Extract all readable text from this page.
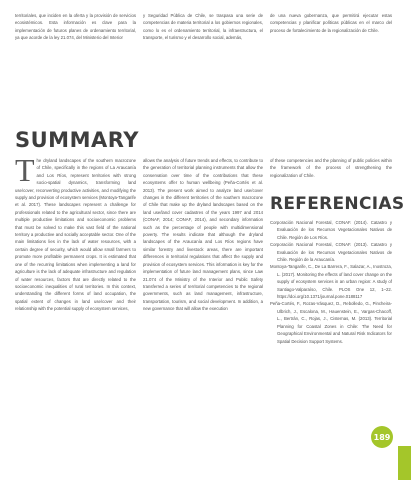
territoriales, que inciden en la oferta y la provisión de servicios ecosistémicos. Esta información es clave para la implementación de futuros planes de ordenamiento territorial, ya que acorde de la ley 21.074, del Ministerio del Interior

y Seguridad Pública de Chile, se traspasa una serie de competencias de materia territorial a los gobiernos regionales, como lo es el ordenamiento territorial, la infraestructura, el transporte, el turismo y el desarrollo social, además,

de una nueva gobernanza, que permitirá ejecutar estas competencias y planificar políticas públicas en el marco del proceso de fortalecimiento de la regionalización de Chile.

SUMMARY

The dryland landscapes of the southern macrozone of Chile, specifically in the regions of La Araucanía and Los Ríos, represent territories with strong socio-spatial dynamics, transforming land use/cover, reconverting productive activities, and modifying the supply and provision of ecosystem services (Montoya-Tangarife et al. 2017). These landscapes represent a challenge for professionals related to the agricultural sector, since there are multiple productive limitations and socioeconomic problems that must be solved to make this vast field of the national territory a productive and socially acceptable sector. One of the main limitations lies in the lack of water resources, with a certain degree of security, which would allow small farmers to promote more profitable permanent crops. It is estimated that one of the recurring limitations when implementing a land for agriculture is the lack of adequate infrastructure and regulation of water resources, factors that are directly related to the socioeconomic inequalities of rural territories. In this context, understanding the different forms of land occupation, the spatial extent of changes in land use/cover and their relationship with the potential supply of ecosystem services,

allows the analysis of future trends and effects, to contribute to the generation of territorial planning instruments that allow the conservation over time of the contributions that these ecosystems offer to human wellbeing (Peña-Cortés et al. 2013). The present work aimed to analyze land use/cover changes in the different territories of the southern macrozone of Chile that make up the dryland landscapes based on the land use/land cover cadastres of the years 1997 and 2014 (CONAF, 2014; CONAF, 2014), and secondary information such as the percentage of people with multidimensional poverty. The results indicate that although the dryland landscapes of the Araucanía and Los Ríos regions have similar forestry and livestock areas, there are important differences in territorial regulations that affect the supply and provision of ecosystem services. This information is key for the implementation of future land management plans, since Law 21.074 of the Ministry of the Interior and Public Safety transferred a series of territorial competencies to the regional governments, such as land management, infrastructure, transportation, tourism, and social development. In addition, a new governance that will allow the execution

of these competencies and the planning of public policies within the framework of the process of strengthening the regionalization of Chile.

REFERENCIAS

Corporación Nacional Forestal, CONAF. (2014). Catastro y Evaluación de los Recursos Vegetacionales Nativos de Chile. Región de Los Ríos.

Corporación Nacional Forestal, CONAF. (2013). Catastro y Evaluación de los Recursos Vegetacionales Nativos de Chile. Región de la Araucanía.

Montoya-Tangarife, C., De La Barrera, F., Salazar, A., Inostroza, L. (2017). Monitoring the effects of land cover change on the supply of ecosystem services in an urban region: A study of Santiago-Valparaíso, Chile. PLOS One 12, 1–22. https://doi.org/10.1371/journal.pone.0188117

Peña-Cortés, F., Rozas-Vásquez, D., Rebolledo, G., Pincheira-Ulbrich, J., Escalona, M., Hauenstein, E., Vargas-Chacoff, L., Bertrán, C., Rojas, J., Cisternas, M. (2013). Territorial Planning for Coastal Zones in Chile: The Need for Geographical Environmental and Natural Risk Indicators for Spatial Decision Support Systems.

189
